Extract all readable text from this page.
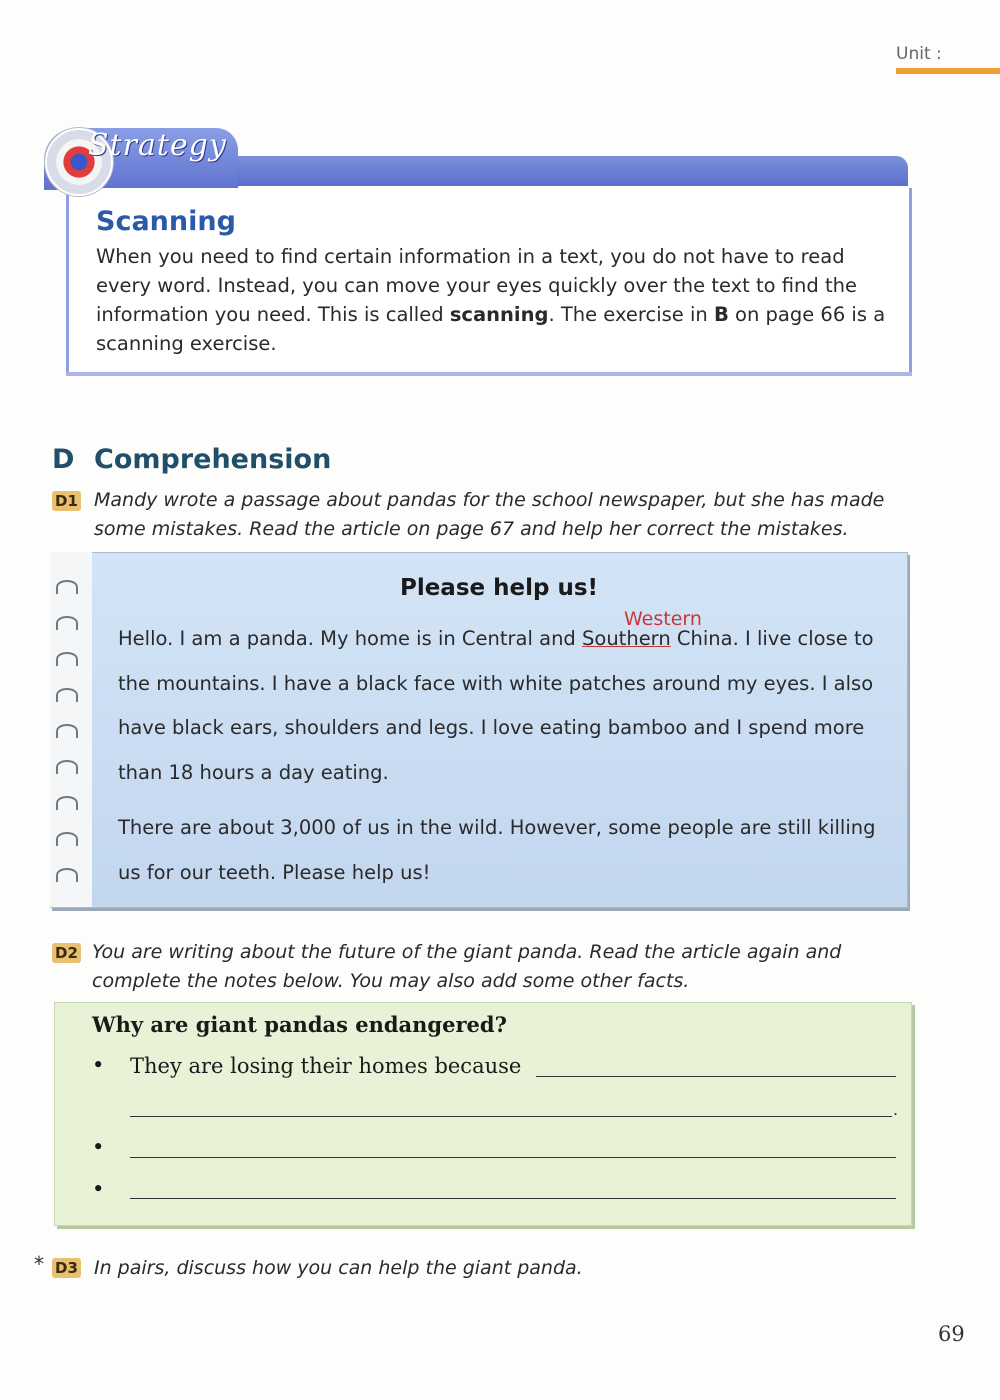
Unit :
Strategy
Scanning
When you need to find certain information in a text, you do not have to read every word. Instead, you can move your eyes quickly over the text to find the information you need. This is called scanning. The exercise in B on page 66 is a scanning exercise.
D Comprehension
D1 Mandy wrote a passage about pandas for the school newspaper, but she has made some mistakes. Read the article on page 67 and help her correct the mistakes.
Please help us!
Western
Hello. I am a panda. My home is in Central and Southern China. I live close to the mountains. I have a black face with white patches around my eyes. I also have black ears, shoulders and legs. I love eating bamboo and I spend more than 18 hours a day eating.
There are about 3,000 of us in the wild. However, some people are still killing us for our teeth. Please help us!
D2 You are writing about the future of the giant panda. Read the article again and complete the notes below. You may also add some other facts.
Why are giant pandas endangered?
• They are losing their homes because
.
•
•
* D3 In pairs, discuss how you can help the giant panda.
69
